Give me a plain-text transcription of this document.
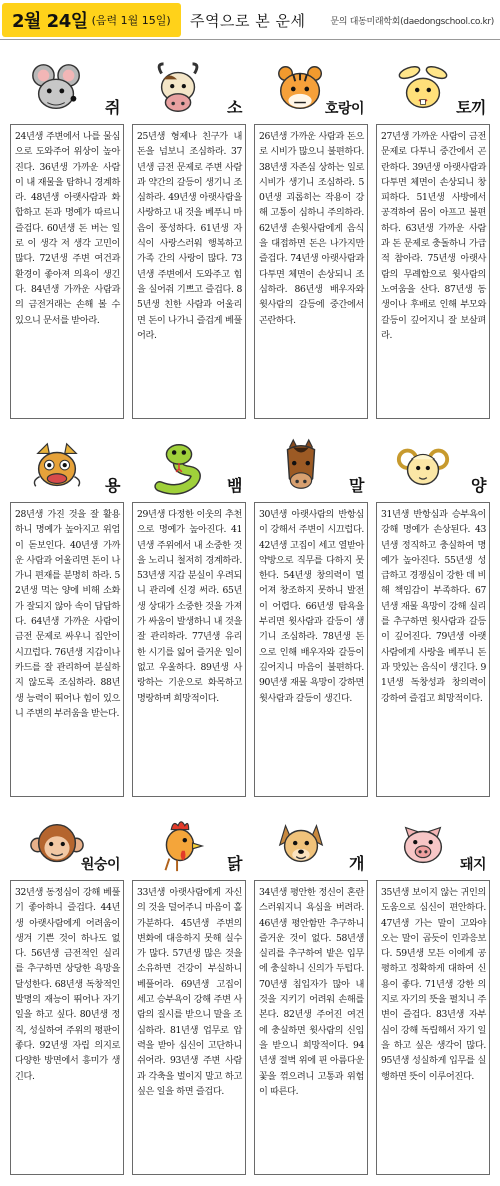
2월 24일 (음력 1월 15일) 주역으로 본 운세	문의 대동미래학회(daedongschool.co.kr)
쥐

24년생 주변에서 나를 물심으로 도와주어 위상이 높아진다. 36년생 가까운 사람이 내 재물을 탐하니 경계하라. 48년생 아랫사람과 화합하고 돈과 명예가 따르니 즐겁다. 60년생 돈 버는 일로 이 생각 저 생각 고민이 많다. 72년생 주변 여건과 환경이 좋아져 의욕이 생긴다. 84년생 가까운 사람과의 금전거래는 손해 볼 수 있으니 문서를 받아라.

소

25년생 형제나 친구가 내 돈을 넘보니 조심하라. 37년생 금전 문제로 주변 사람과 약간의 갈등이 생기니 조심하라. 49년생 아랫사람을 사랑하고 내 것을 베푸니 마음이 풍성하다. 61년생 자식이 사랑스러워 행복하고 가족 간의 사랑이 많다. 73년생 주변에서 도와주고 힘을 실어줘 기쁘고 즐겁다. 85년생 친한 사람과 어울리면 돈이 나가니 즐겁게 베풀어라.

호랑이

26년생 가까운 사람과 돈으로 시비가 많으니 불편하다. 38년생 자존심 상하는 일로 시비가 생기니 조심하라. 50년생 괴롭히는 작용이 강해 고통이 심하니 주의하라. 62년생 손윗사람에게 음식을 대접하면 돈은 나가지만 즐겁다. 74년생 아랫사람과 다투면 체면이 손상되니 조심하라. 86년생 배우자와 윗사람의 갈등에 중간에서 곤란하다.

토끼

27년생 가까운 사람이 금전 문제로 다투니 중간에서 곤란하다. 39년생 아랫사람과 다투면 체면이 손상되니 창피하다. 51년생 사방에서 공격하여 몸이 아프고 불편하다. 63년생 가까운 사람과 돈 문제로 충돌하니 가급적 참아라. 75년생 아랫사람의 무례함으로 윗사람의 노여움을 산다. 87년생 동생이나 후배로 인해 부모와 갈등이 깊어지니 잘 보살펴라.

용

28년생 가진 것을 잘 활용하니 명예가 높아지고 위엄이 돋보인다. 40년생 가까운 사람과 어울리면 돈이 나가니 편재를 분명히 하라. 52년생 먹는 양에 비해 소화가 잘되지 않아 속이 답답하다. 64년생 가까운 사람이 금전 문제로 싸우니 집안이 시끄럽다. 76년생 지갑이나 카드를 잘 관리하여 분실하지 않도록 조심하라. 88년생 능력이 뛰어나 힘이 있으니 주변의 부러움을 받는다.

뱀

29년생 다정한 이웃의 추천으로 명예가 높아진다. 41년생 주위에서 내 소중한 것을 노리니 철저히 경계하라. 53년생 지갑 분실이 우려되니 관리에 신경 써라. 65년생 상대가 소중한 것을 가져가 싸움이 발생하니 내 것을 잘 관리하라. 77년생 유리한 시기를 잃어 즐거운 일이 없고 우울하다. 89년생 사랑하는 기운으로 화목하고 명랑하며 희망적이다.

말

30년생 아랫사람의 반항심이 강해서 주변이 시끄럽다. 42년생 고집이 세고 열받아 약방으로 직무를 다하지 못한다. 54년생 창의력이 멀어져 창조하지 못하니 발전이 어렵다. 66년생 탐욕을 부리면 윗사람과 갈등이 생기니 조심하라. 78년생 돈으로 인해 배우자와 갈등이 깊어지니 마음이 불편하다. 90년생 재물 욕망이 강하면 윗사람과 갈등이 생긴다.

양

31년생 반항심과 승부욕이 강해 명예가 손상된다. 43년생 정직하고 충실하여 명예가 높아진다. 55년생 성급하고 경쟁심이 강한 데 비해 책임감이 부족하다. 67년생 재물 욕망이 강해 실리를 추구하면 윗사람과 갈등이 깊어진다. 79년생 아랫사람에게 사랑을 베푸니 돈과 맛있는 음식이 생긴다. 91년생 독창성과 창의력이 강하여 즐겁고 희망적이다.

원숭이

32년생 동정심이 강해 베풀기 좋아하니 즐겁다. 44년생 아랫사람에게 어려움이 생겨 기쁜 것이 하나도 없다. 56년생 금전적인 실리를 추구하면 상당한 욕망을 달성한다. 68년생 독창적인 발명의 재능이 뛰어나 자기 일을 하고 싶다. 80년생 정직, 성실하여 주위의 평판이 좋다. 92년생 자립 의지로 다양한 방면에서 흥미가 생긴다.

닭

33년생 아랫사람에게 자신의 것을 덜어주니 마음이 홀가분하다. 45년생 주변의 변화에 대응하지 못해 실수가 많다. 57년생 많은 것을 소유하면 건강이 부실하니 베풀어라. 69년생 고집이 세고 승부욕이 강해 주변 사람의 질시를 받으니 말을 조심하라. 81년생 업무로 압력을 받아 심신이 고단하니 쉬어라. 93년생 주변 사람과 각축을 벌이지 말고 하고 싶은 일을 하면 즐겁다.

개

34년생 평안한 정신이 혼란스러워지니 욕심을 버려라. 46년생 평안함만 추구하니 즐거운 것이 없다. 58년생 실리를 추구하여 밭은 입무에 충실하니 신의가 두텁다. 70년생 침입자가 많아 내 것을 지키기 어려워 손해를 본다. 82년생 주어진 여건에 충실하면 윗사람의 신임을 받으니 희망적이다. 94년생 절벽 위에 핀 아름다운 꽃을 꺾으려니 고통과 위험이 따른다.

돼지

35년생 보이지 않는 귀인의 도움으로 심신이 편안하다. 47년생 가는 말이 고와야 오는 말이 곱듯이 인과응보다. 59년생 모든 이에게 공평하고 정확하게 대하여 신용이 좋다. 71년생 강한 의지로 자기의 뜻을 펼치니 주변이 즐겁다. 83년생 자부심이 강해 독립해서 자기 일을 하고 싶은 생각이 많다. 95년생 성실하게 입무를 실행하면 뜻이 이루어진다.
